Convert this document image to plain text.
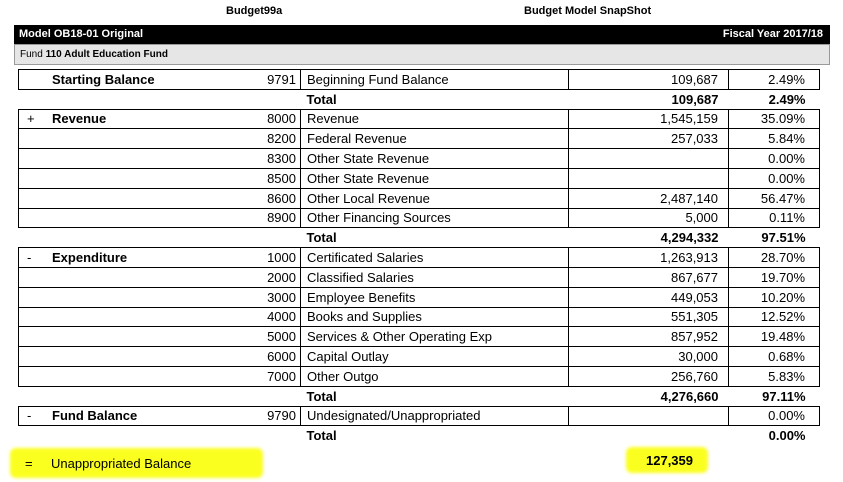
Budget99a	Budget Model SnapShot
Model OB18-01 Original	Fiscal Year 2017/18
Fund 110 Adult Education Fund
Starting Balance	9791	Beginning Fund Balance	109,687	2.49%
		Total	109,687	2.49%
+ Revenue	8000	Revenue	1,545,159	35.09%
	8200	Federal Revenue	257,033	5.84%
	8300	Other State Revenue		0.00%
	8500	Other State Revenue		0.00%
	8600	Other Local Revenue	2,487,140	56.47%
	8900	Other Financing Sources	5,000	0.11%
		Total	4,294,332	97.51%
- Expenditure	1000	Certificated Salaries	1,263,913	28.70%
	2000	Classified Salaries	867,677	19.70%
	3000	Employee Benefits	449,053	10.20%
	4000	Books and Supplies	551,305	12.52%
	5000	Services & Other Operating Exp	857,952	19.48%
	6000	Capital Outlay	30,000	0.68%
	7000	Other Outgo	256,760	5.83%
		Total	4,276,660	97.11%
- Fund Balance	9790	Undesignated/Unappropriated		0.00%
		Total		0.00%
= Unappropriated Balance	127,359
